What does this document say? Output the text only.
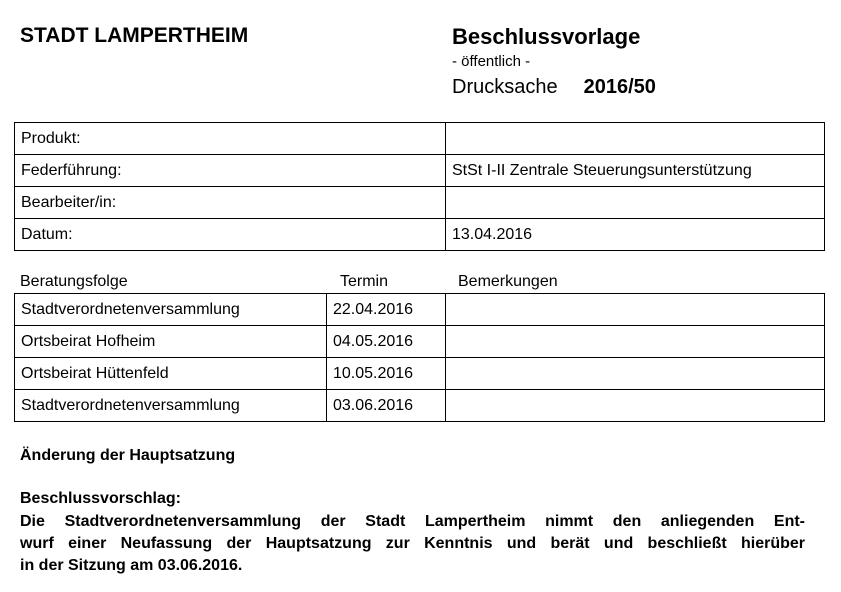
STADT LAMPERTHEIM	Beschlussvorlage
- öffentlich -
Drucksache 2016/50
Produkt:	
Federführung:	StSt I-II Zentrale Steuerungsunterstützung
Bearbeiter/in:	
Datum:	13.04.2016
Beratungsfolge	Termin	Bemerkungen
Stadtverordnetenversammlung	22.04.2016	
Ortsbeirat Hofheim	04.05.2016	
Ortsbeirat Hüttenfeld	10.05.2016	
Stadtverordnetenversammlung	03.06.2016	
Änderung der Hauptsatzung
Beschlussvorschlag:
Die Stadtverordnetenversammlung der Stadt Lampertheim nimmt den anliegenden Ent-
wurf einer Neufassung der Hauptsatzung zur Kenntnis und berät und beschließt hierüber
in der Sitzung am 03.06.2016.
